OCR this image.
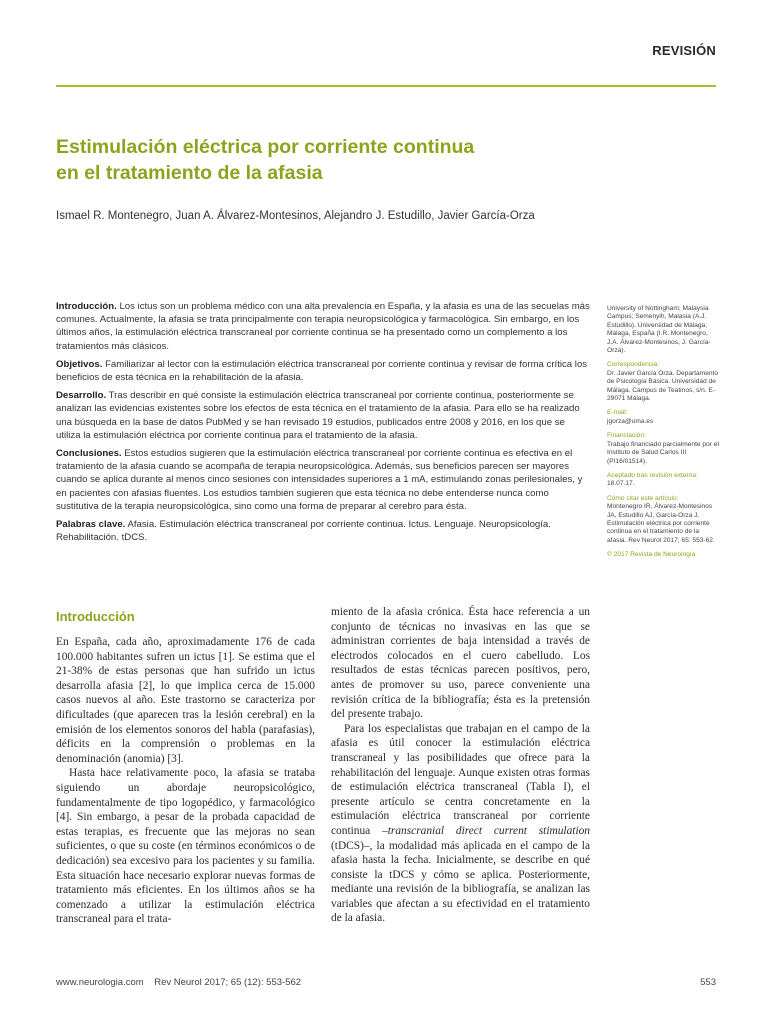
REVISIÓN
Estimulación eléctrica por corriente continua
en el tratamiento de la afasia
Ismael R. Montenegro, Juan A. Álvarez-Montesinos, Alejandro J. Estudillo, Javier García-Orza

Introducción. Los ictus son un problema médico con una alta prevalencia en España, y la afasia es una de las secuelas más comunes. Actualmente, la afasia se trata principalmente con terapia neuropsicológica y farmacológica. Sin embargo, en los últimos años, la estimulación eléctrica transcraneal por corriente continua se ha presentado como un complemento a los tratamientos más clásicos.

Objetivos. Familiarizar al lector con la estimulación eléctrica transcraneal por corriente continua y revisar de forma crítica los beneficios de esta técnica en la rehabilitación de la afasia.

Desarrollo. Tras describir en qué consiste la estimulación eléctrica transcraneal por corriente continua, posteriormente se analizan las evidencias existentes sobre los efectos de esta técnica en el tratamiento de la afasia. Para ello se ha realizado una búsqueda en la base de datos PubMed y se han revisado 19 estudios, publicados entre 2008 y 2016, en los que se utiliza la estimulación eléctrica por corriente continua para el tratamiento de la afasia.

Conclusiones. Estos estudios sugieren que la estimulación eléctrica transcraneal por corriente continua es efectiva en el tratamiento de la afasia cuando se acompaña de terapia neuropsicológica. Además, sus beneficios parecen ser mayores cuando se aplica durante al menos cinco sesiones con intensidades superiores a 1 mA, estimulando zonas perilesionales, y en pacientes con afasias fluentes. Los estudios también sugieren que esta técnica no debe entenderse nunca como sustitutiva de la terapia neuropsicológica, sino como una forma de preparar al cerebro para ésta.

Palabras clave. Afasia. Estimulación eléctrica transcraneal por corriente continua. Ictus. Lenguaje. Neuropsicología. Rehabilitación. tDCS.

University of Nottingham; Malaysia Campus; Semenyih, Malasia (A.J. Estudillo). Universidad de Málaga; Málaga, España (I.R. Montenegro, J.A. Álvarez-Montesinos, J. García-Orza).

Correspondencia:

Dr. Javier García Orza. Departamento de Psicología Básica. Universidad de Málaga. Campus de Teatinos, s/n. E-29071 Málaga.

E-mail:

jgorza@uma.es

Financiación:

Trabajo financiado parcialmente por el Instituto de Salud Carlos III (PI16/01514).

Aceptado tras revisión externa:

18.07.17.

Cómo citar este artículo:

Montenegro IR, Álvarez-Montesinos JA, Estudillo AJ, García-Orza J. Estimulación eléctrica por corriente continua en el tratamiento de la afasia. Rev Neurol 2017; 65: 553-62.

© 2017 Revista de Neurología
Introducción

En España, cada año, aproximadamente 176 de cada 100.000 habitantes sufren un ictus [1]. Se estima que el 21-38% de estas personas que han sufrido un ictus desarrolla afasia [2], lo que implica cerca de 15.000 casos nuevos al año. Este trastorno se caracteriza por dificultades (que aparecen tras la lesión cerebral) en la emisión de los elementos sonoros del habla (parafasias), déficits en la comprensión o problemas en la denominación (anomia) [3].

Hasta hace relativamente poco, la afasia se trataba siguiendo un abordaje neuropsicológico, fundamentalmente de tipo logopédico, y farmacológico [4]. Sin embargo, a pesar de la probada capacidad de estas terapias, es frecuente que las mejoras no sean suficientes, o que su coste (en términos económicos o de dedicación) sea excesivo para los pacientes y su familia. Esta situación hace necesario explorar nuevas formas de tratamiento más eficientes. En los últimos años se ha comenzado a utilizar la estimulación eléctrica transcraneal para el trata-

miento de la afasia crónica. Ésta hace referencia a un conjunto de técnicas no invasivas en las que se administran corrientes de baja intensidad a través de electrodos colocados en el cuero cabelludo. Los resultados de estas técnicas parecen positivos, pero, antes de promover su uso, parece conveniente una revisión crítica de la bibliografía; ésta es la pretensión del presente trabajo.

Para los especialistas que trabajan en el campo de la afasia es útil conocer la estimulación eléctrica transcraneal y las posibilidades que ofrece para la rehabilitación del lenguaje. Aunque existen otras formas de estimulación eléctrica transcraneal (Tabla I), el presente artículo se centra concretamente en la estimulación eléctrica transcraneal por corriente continua –transcranial direct current stimulation (tDCS)–, la modalidad más aplicada en el campo de la afasia hasta la fecha. Inicialmente, se describe en qué consiste la tDCS y cómo se aplica. Posteriormente, mediante una revisión de la bibliografía, se analizan las variables que afectan a su efectividad en el tratamiento de la afasia.

www.neurologia.com    Rev Neurol 2017; 65 (12): 553-562	553
